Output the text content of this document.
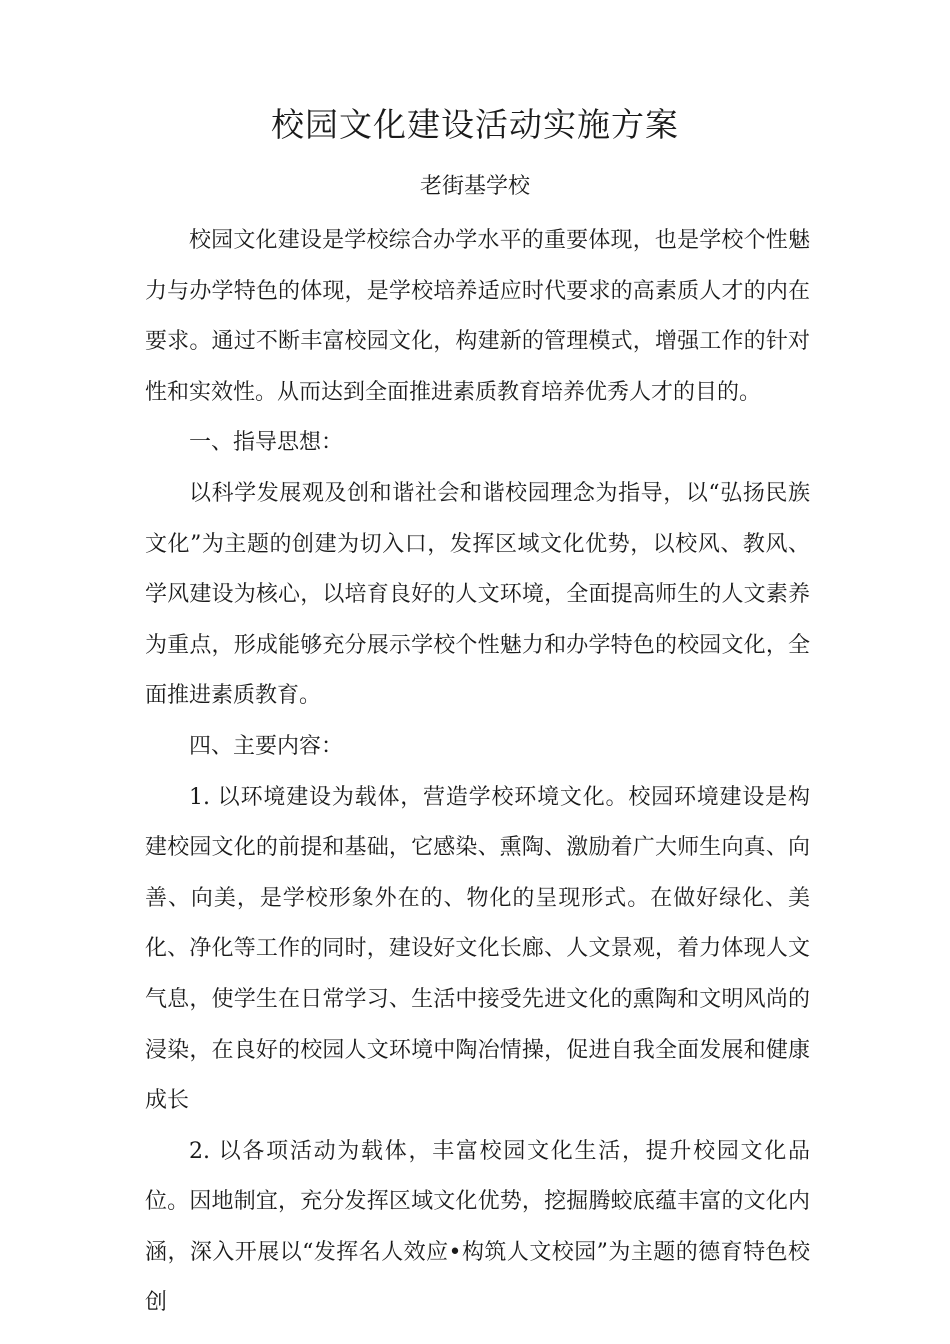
校园文化建设活动实施方案
老街基学校

校园文化建设是学校综合办学水平的重要体现，也是学校个性魅力与办学特色的体现，是学校培养适应时代要求的高素质人才的内在要求。通过不断丰富校园文化，构建新的管理模式，增强工作的针对性和实效性。从而达到全面推进素质教育培养优秀人才的目的。

一、指导思想：

以科学发展观及创和谐社会和谐校园理念为指导，以“弘扬民族文化”为主题的创建为切入口，发挥区域文化优势，以校风、教风、学风建设为核心，以培育良好的人文环境，全面提高师生的人文素养为重点，形成能够充分展示学校个性魅力和办学特色的校园文化，全面推进素质教育。

四、主要内容：

1. 以环境建设为载体，营造学校环境文化。校园环境建设是构建校园文化的前提和基础，它感染、熏陶、激励着广大师生向真、向善、向美，是学校形象外在的、物化的呈现形式。在做好绿化、美化、净化等工作的同时，建设好文化长廊、人文景观，着力体现人文气息，使学生在日常学习、生活中接受先进文化的熏陶和文明风尚的浸染，在良好的校园人文环境中陶冶情操，促进自我全面发展和健康成长

2. 以各项活动为载体，丰富校园文化生活，提升校园文化品位。因地制宜，充分发挥区域文化优势，挖掘腾蛟底蕴丰富的文化内涵，深入开展以“发挥名人效应•构筑人文校园”为主题的德育特色校创
